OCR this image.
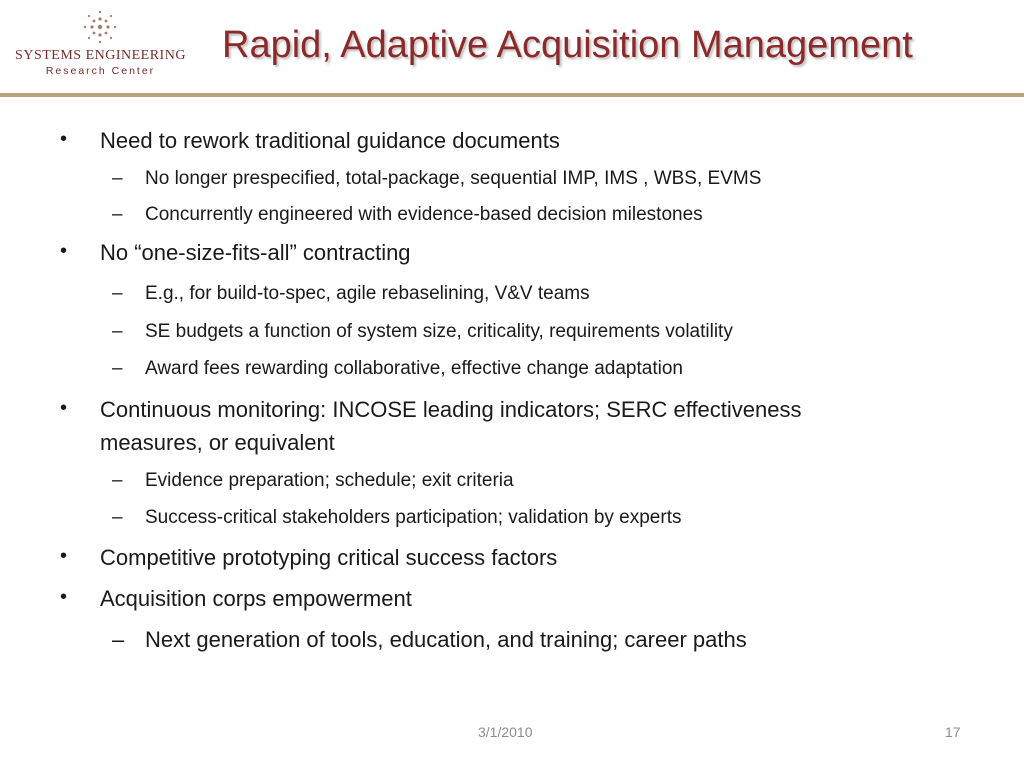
SYSTEMS ENGINEERING
Research Center
Rapid, Adaptive Acquisition Management
• Need to rework traditional guidance documents
– No longer prespecified, total-package, sequential IMP, IMS , WBS, EVMS
– Concurrently engineered with evidence-based decision milestones
• No “one-size-fits-all” contracting
– E.g., for build-to-spec, agile rebaselining, V&V teams
– SE budgets a function of system size, criticality, requirements volatility
– Award fees rewarding collaborative, effective change adaptation
• Continuous monitoring: INCOSE leading indicators; SERC effectiveness
measures, or equivalent
– Evidence preparation; schedule; exit criteria
– Success-critical stakeholders participation; validation by experts
• Competitive prototyping critical success factors
• Acquisition corps empowerment
– Next generation of tools, education, and training; career paths
3/1/2010	17
